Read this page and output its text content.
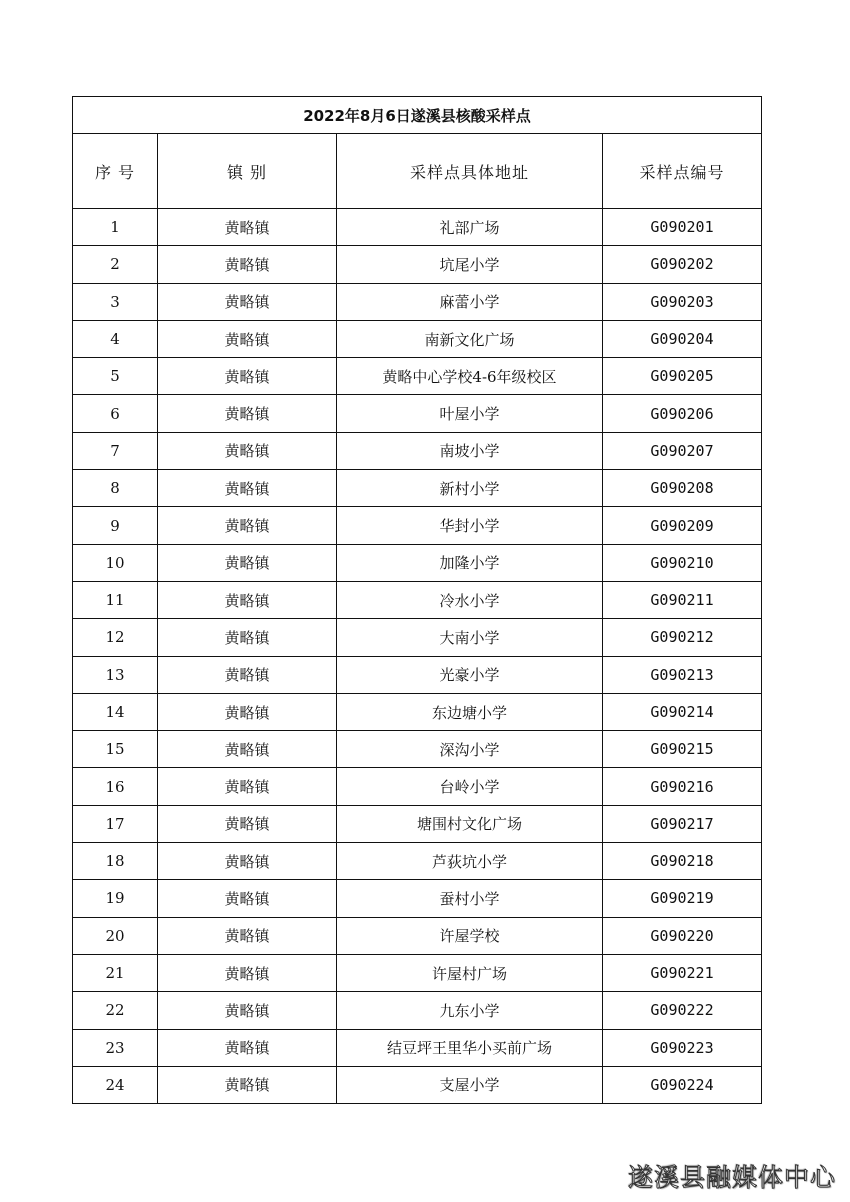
2022年8月6日遂溪县核酸采样点			
序 号	镇 别	采样点具体地址	采样点编号
1	黄略镇	礼部广场	G090201
2	黄略镇	坑尾小学	G090202
3	黄略镇	麻蕾小学	G090203
4	黄略镇	南新文化广场	G090204
5	黄略镇	黄略中心学校4-6年级校区	G090205
6	黄略镇	叶屋小学	G090206
7	黄略镇	南坡小学	G090207
8	黄略镇	新村小学	G090208
9	黄略镇	华封小学	G090209
10	黄略镇	加隆小学	G090210
11	黄略镇	冷水小学	G090211
12	黄略镇	大南小学	G090212
13	黄略镇	光豪小学	G090213
14	黄略镇	东边塘小学	G090214
15	黄略镇	深沟小学	G090215
16	黄略镇	台岭小学	G090216
17	黄略镇	塘围村文化广场	G090217
18	黄略镇	芦荻坑小学	G090218
19	黄略镇	蚕村小学	G090219
20	黄略镇	许屋学校	G090220
21	黄略镇	许屋村广场	G090221
22	黄略镇	九东小学	G090222
23	黄略镇	结豆坪王里华小买前广场	G090223
24	黄略镇	支屋小学	G090224
遂溪县融媒体中心
